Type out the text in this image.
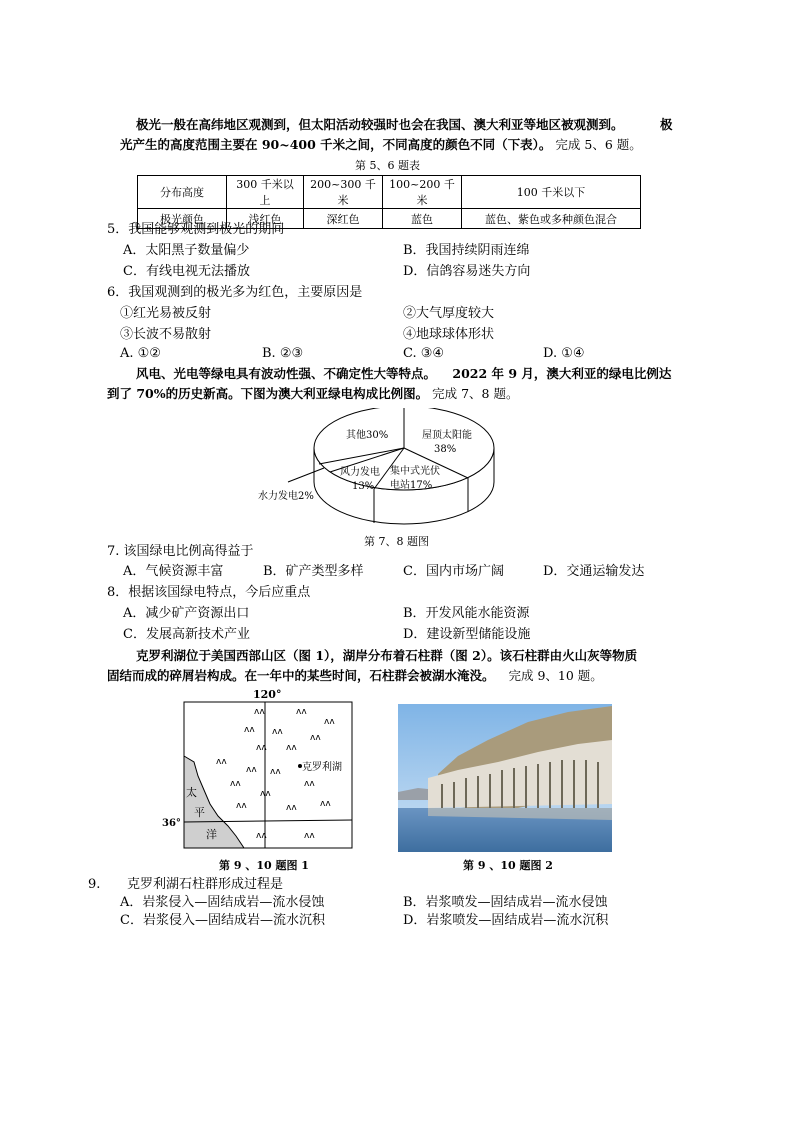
极光一般在高纬地区观测到，但太阳活动较强时也会在我国、澳大利亚等地区被观测到。	极
光产生的高度范围主要在 90~400 千米之间，不同高度的颜色不同（下表）。 完成 5、6 题。
第 5、6 题表
分布高度	300 千米以上	200~300 千米	100~200 千米	100 千米以下
极光颜色	浅红色	深红色	蓝色	蓝色、紫色或多种颜色混合
5．我国能够观测到极光的期间
A．太阳黑子数量偏少	B．我国持续阴雨连绵
C．有线电视无法播放	D．信鸽容易迷失方向
6．我国观测到的极光多为红色，主要原因是
①红光易被反射	②大气厚度较大
③长波不易散射	④地球球体形状
A. ①②	B. ②③	C. ③④	D. ①④
风电、光电等绿电具有波动性强、不确定性大等特点。 2022 年 9 月，澳大利亚的绿电比例达
到了 70%的历史新高。下图为澳大利亚绿电构成比例图。 完成 7、8 题。
其他30%	屋顶太阳能
38%
风力发电
13%
集中式光伏
电站17%
水力发电2%
第 7、8 题图
7. 该国绿电比例高得益于
A．气候资源丰富	B．矿产类型多样	C．国内市场广阔	D．交通运输发达
8．根据该国绿电特点，今后应重点
A．减少矿产资源出口	B．开发风能水能资源
C．发展高新技术产业	D．建设新型储能设施
克罗利湖位于美国西部山区（图 1），湖岸分布着石柱群（图 2）。该石柱群由火山灰等物质
固结而成的碎屑岩构成。在一年中的某些时间，石柱群会被湖水淹没。 完成 9、10 题。
120°
ʌʌ	ʌʌ
ʌʌ
ʌʌ ʌʌ
ʌʌ
ʌʌ ʌʌ
ʌʌ
ʌʌ ʌʌ
ʌʌ	ʌʌ
ʌʌ
ʌʌ	ʌʌ	ʌʌ
ʌʌ	ʌʌ
克罗利湖
太
平
洋
36°
第 9 、10 题图 1	第 9 、10 题图 2
9. 克罗利湖石柱群形成过程是
A．岩浆侵入—固结成岩—流水侵蚀	B．岩浆喷发—固结成岩—流水侵蚀
C．岩浆侵入—固结成岩—流水沉积	D．岩浆喷发—固结成岩—流水沉积
